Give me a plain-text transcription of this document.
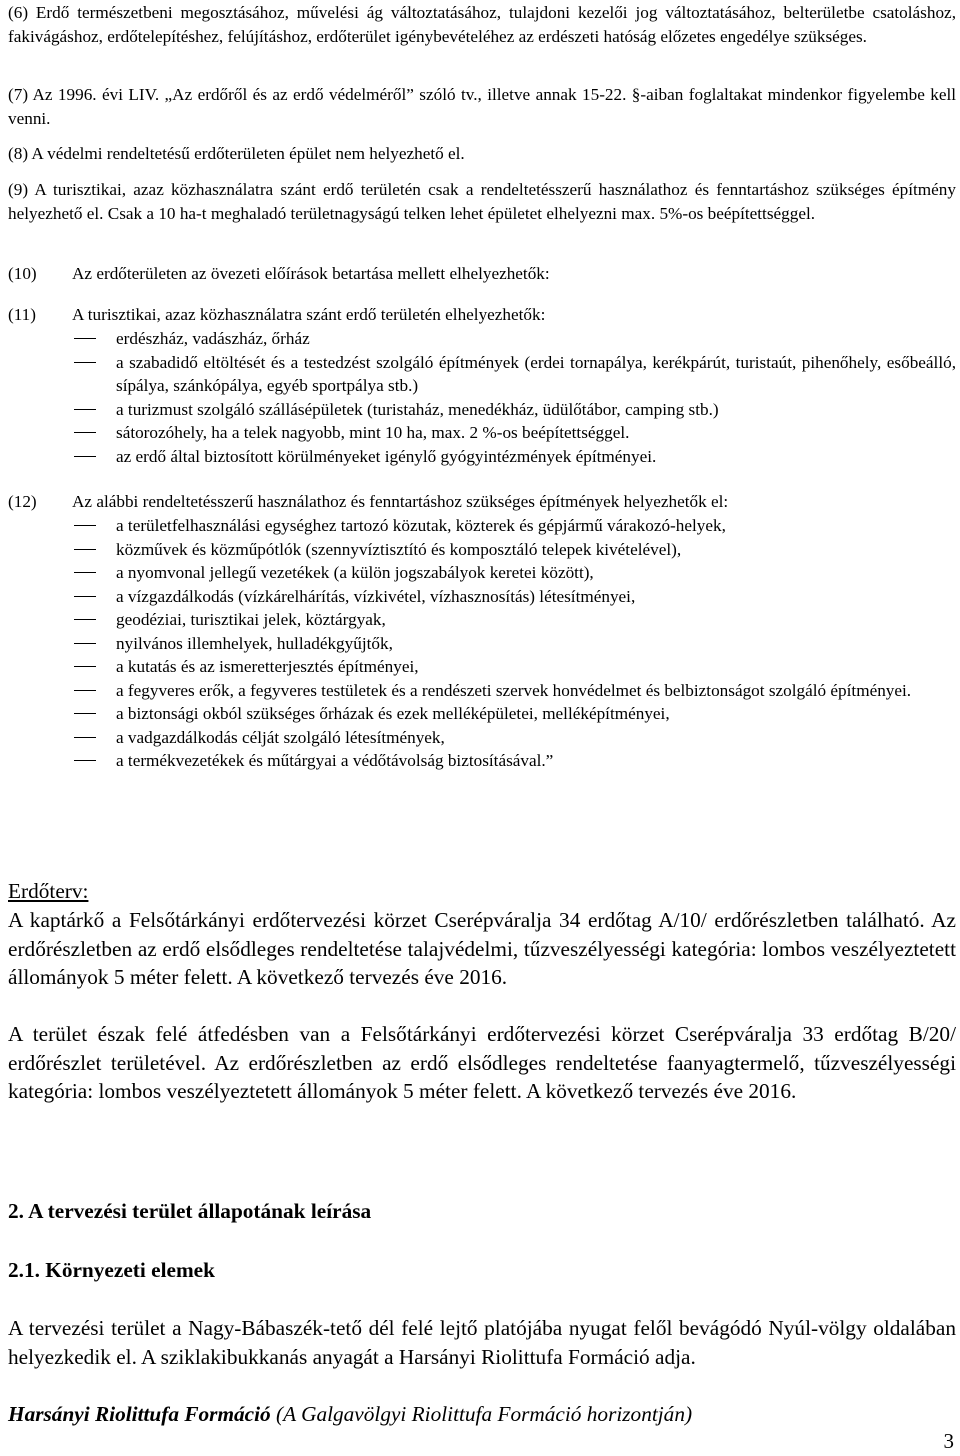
(6) Erdő természetbeni megosztásához, művelési ág változtatásához, tulajdoni kezelői jog változtatásához, belterületbe csatoláshoz, fakivágáshoz, erdőtelepítéshez, felújításhoz, erdőterület igénybevételéhez az erdészeti hatóság előzetes engedélye szükséges.

(7) Az 1996. évi LIV. „Az erdőről és az erdő védelméről” szóló tv., illetve annak 15-22. §-aiban foglaltakat mindenkor figyelembe kell venni.

(8) A védelmi rendeltetésű erdőterületen épület nem helyezhető el.

(9) A turisztikai, azaz közhasználatra szánt erdő területén csak a rendeltetésszerű használathoz és fenntartáshoz szükséges építmény helyezhető el. Csak a 10 ha-t meghaladó területnagyságú telken lehet épületet elhelyezni max. 5%-os beépítettséggel.

(10) Az erdőterületen az övezeti előírások betartása mellett elhelyezhetők:
(11) A turisztikai, azaz közhasználatra szánt erdő területén elhelyezhetők:
erdészház, vadászház, őrház
a szabadidő eltöltését és a testedzést szolgáló építmények (erdei tornapálya, kerékpárút, turistaút, pihenőhely, esőbeálló, sípálya, szánkópálya, egyéb sportpálya stb.)
a turizmust szolgáló szállásépületek (turistaház, menedékház, üdülőtábor, camping stb.)
sátorozóhely, ha a telek nagyobb, mint 10 ha, max. 2 %-os beépítettséggel.
az erdő által biztosított körülményeket igénylő gyógyintézmények építményei.
(12) Az alábbi rendeltetésszerű használathoz és fenntartáshoz szükséges építmények helyezhetők el:
a területfelhasználási egységhez tartozó közutak, közterek és gépjármű várakozó-helyek,
közművek és közműpótlók (szennyvíztisztító és komposztáló telepek kivételével),
a nyomvonal jellegű vezetékek (a külön jogszabályok keretei között),
a vízgazdálkodás (vízkárelhárítás, vízkivétel, vízhasznosítás) létesítményei,
geodéziai, turisztikai jelek, köztárgyak,
nyilvános illemhelyek, hulladékgyűjtők,
a kutatás és az ismeretterjesztés építményei,
a fegyveres erők, a fegyveres testületek és a rendészeti szervek honvédelmet és belbiztonságot szolgáló építményei.
a biztonsági okból szükséges őrházak és ezek melléképületei, melléképítményei,
a vadgazdálkodás célját szolgáló létesítmények,
a termékvezetékek és műtárgyai a védőtávolság biztosításával.”

Erdőterv:

A kaptárkő a Felsőtárkányi erdőtervezési körzet Cserépváralja 34 erdőtag A/10/ erdőrészletben található. Az erdőrészletben az erdő elsődleges rendeltetése talajvédelmi, tűzveszélyességi kategória: lombos veszélyeztetett állományok 5 méter felett. A következő tervezés éve 2016.

A terület észak felé átfedésben van a Felsőtárkányi erdőtervezési körzet Cserépváralja 33 erdőtag B/20/ erdőrészlet területével. Az erdőrészletben az erdő elsődleges rendeltetése faanyagtermelő, tűzveszélyességi kategória: lombos veszélyeztetett állományok 5 méter felett. A következő tervezés éve 2016.

2. A tervezési terület állapotának leírása

2.1. Környezeti elemek

A tervezési terület a Nagy-Bábaszék-tető dél felé lejtő platójába nyugat felől bevágódó Nyúl-völgy oldalában helyezkedik el. A sziklakibukkanás anyagát a Harsányi Riolittufa Formáció adja.

Harsányi Riolittufa Formáció (A Galgavölgyi Riolittufa Formáció horizontján)

3
